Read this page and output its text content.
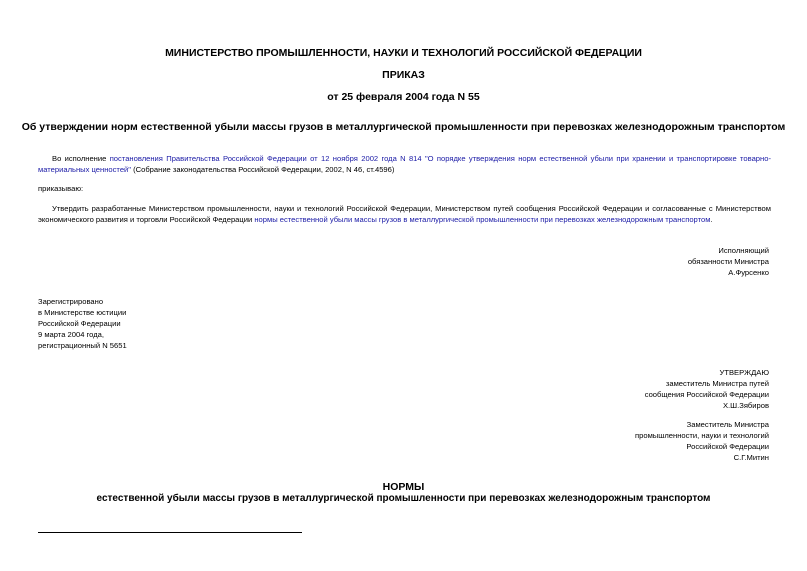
МИНИСТЕРСТВО ПРОМЫШЛЕННОСТИ, НАУКИ И ТЕХНОЛОГИЙ РОССИЙСКОЙ ФЕДЕРАЦИИ
ПРИКАЗ
от 25 февраля 2004 года N 55
Об утверждении норм естественной убыли массы грузов в металлургической промышленности при перевозках железнодорожным транспортом
Во исполнение постановления Правительства Российской Федерации от 12 ноября 2002 года N 814 "О порядке утверждения норм естественной убыли при хранении и транспортировке товарно-материальных ценностей" (Собрание законодательства Российской Федерации, 2002, N 46, ст.4596)
приказываю:
Утвердить разработанные Министерством промышленности, науки и технологий Российской Федерации, Министерством путей сообщения Российской Федерации и согласованные с Министерством экономического развития и торговли Российской Федерации нормы естественной убыли массы грузов в металлургической промышленности при перевозках железнодорожным транспортом.
Исполняющий
обязанности Министра
А.Фурсенко
Зарегистрировано
в Министерстве юстиции
Российской Федерации
9 марта 2004 года,
регистрационный N 5651
УТВЕРЖДАЮ
заместитель Министра путей
сообщения Российской Федерации
Х.Ш.Зябиров
Заместитель Министра
промышленности, науки и технологий
Российской Федерации
С.Г.Митин
НОРМЫ
естественной убыли массы грузов в металлургической промышленности при перевозках железнодорожным транспортом
